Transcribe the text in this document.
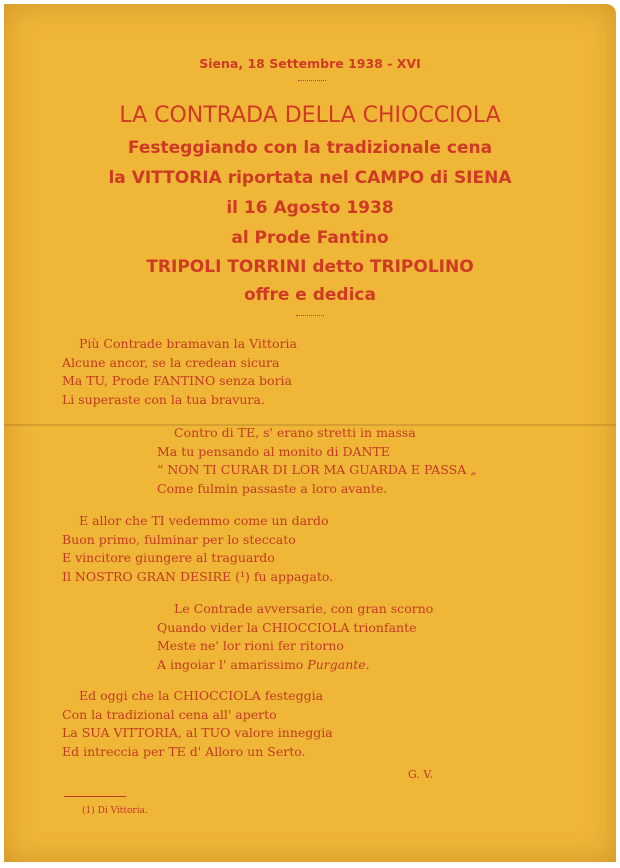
Siena, 18 Settembre 1938 - XVI
LA CONTRADA DELLA CHIOCCIOLA
Festeggiando con la tradizionale cena
la VITTORIA riportata nel CAMPO di SIENA
il 16 Agosto 1938
al Prode Fantino
TRIPOLI TORRINI detto TRIPOLINO
offre e dedica
Più Contrade bramavan la Vittoria
Alcune ancor, se la credean sicura
Ma TU, Prode FANTINO senza boria
Li superaste con la tua bravura.
Contro di TE, s' erano stretti in massa
Ma tu pensando al monito di DANTE
“ NON TI CURAR DI LOR MA GUARDA E PASSA „
Come fulmin passaste a loro avante.
E allor che TI vedemmo come un dardo
Buon primo, fulminar per lo steccato
E vincitore giungere al traguardo
Il NOSTRO GRAN DESIRE (¹) fu appagato.
Le Contrade avversarie, con gran scorno
Quando vider la CHIOCCIOLA trionfante
Meste ne' lor rioni fer ritorno
A ingoiar l' amarissimo Purgante.
Ed oggi che la CHIOCCIOLA festeggia
Con la tradizional cena all' aperto
La SUA VITTORIA, al TUO valore inneggia
Ed intreccia per TE d' Alloro un Serto.
G. V.
(1) Di Vittoria.
